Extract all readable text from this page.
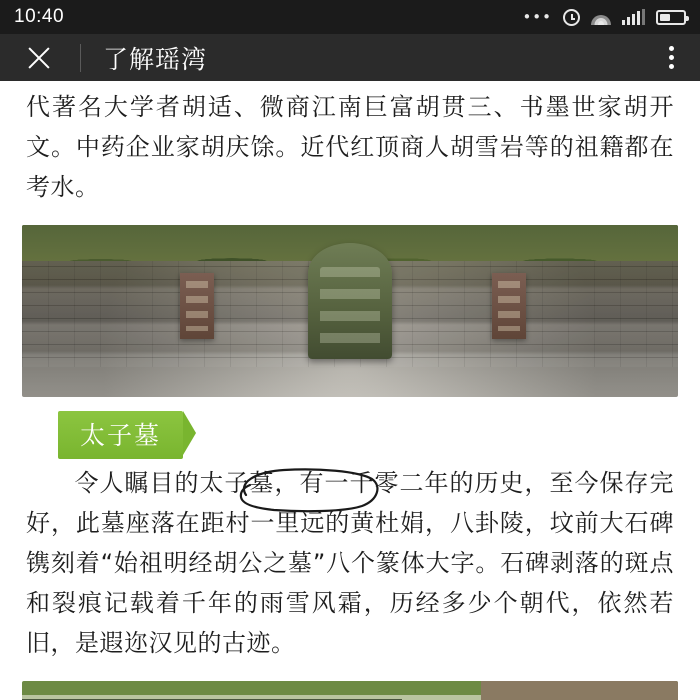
10:40	•••
了解瑶湾
代著名大学者胡适、微商江南巨富胡贯三、书墨世家胡开文。中药企业家胡庆馀。近代红顶商人胡雪岩等的祖籍都在考水。
太子墓
令人瞩目的太子墓，有一千零二年的历史，至今保存完好，此墓座落在距村一里远的黄杜娟，八卦陵，坟前大石碑镌刻着“始祖明经胡公之墓”八个篆体大字。石碑剥落的斑点和裂痕记载着千年的雨雪风霜，历经多少个朝代，依然若旧，是遐迩汉见的古迹。
